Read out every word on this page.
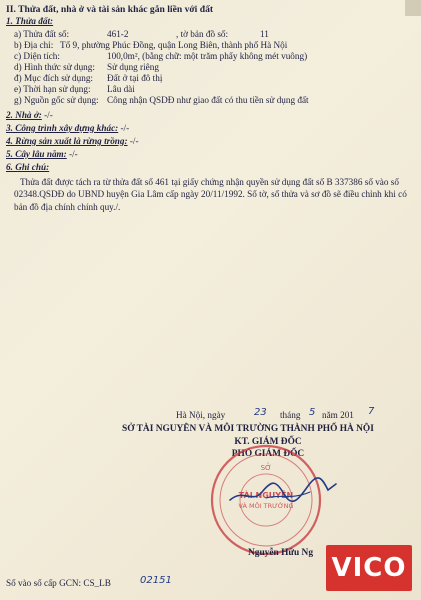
II. Thửa đất, nhà ở và tài sản khác gắn liền với đất
1. Thửa đất:
a) Thửa đất số:	461-2	, tờ bản đồ số:	11
b) Địa chỉ: Tổ 9, phường Phúc Đồng, quận Long Biên, thành phố Hà Nội
c) Diện tích:	100,0m², (bằng chữ: một trăm phẩy không mét vuông)
d) Hình thức sử dụng: Sử dụng riêng
đ) Mục đích sử dụng: Đất ở tại đô thị
e) Thời hạn sử dụng: Lâu dài
g) Nguồn gốc sử dụng: Công nhận QSDĐ như giao đất có thu tiền sử dụng đất
2. Nhà ở: -/-
3. Công trình xây dựng khác: -/-
4. Rừng sản xuất là rừng trồng: -/-
5. Cây lâu năm: -/-
6. Ghi chú:
Thửa đất được tách ra từ thửa đất số 461 tại giấy chứng nhận quyền sử dụng đất số B 337386 số vào số 02348.QSDĐ do UBND huyện Gia Lâm cấp ngày 20/11/1992. Số tờ, số thửa và sơ đồ sẽ điều chỉnh khi có bản đồ địa chính chính quy./.
Hà Nội, ngày	23 tháng 5 năm 201 7
SỞ TÀI NGUYÊN VÀ MÔI TRƯỜNG THÀNH PHỐ HÀ NỘI
KT. GIÁM ĐỐC
PHÓ GIÁM ĐỐC
SỞ
TÀI NGUYÊN
VÀ MÔI TRƯỜNG
Nguyễn Hữu Ng
Số vào sổ cấp GCN: CS_LB	02151	VICO
